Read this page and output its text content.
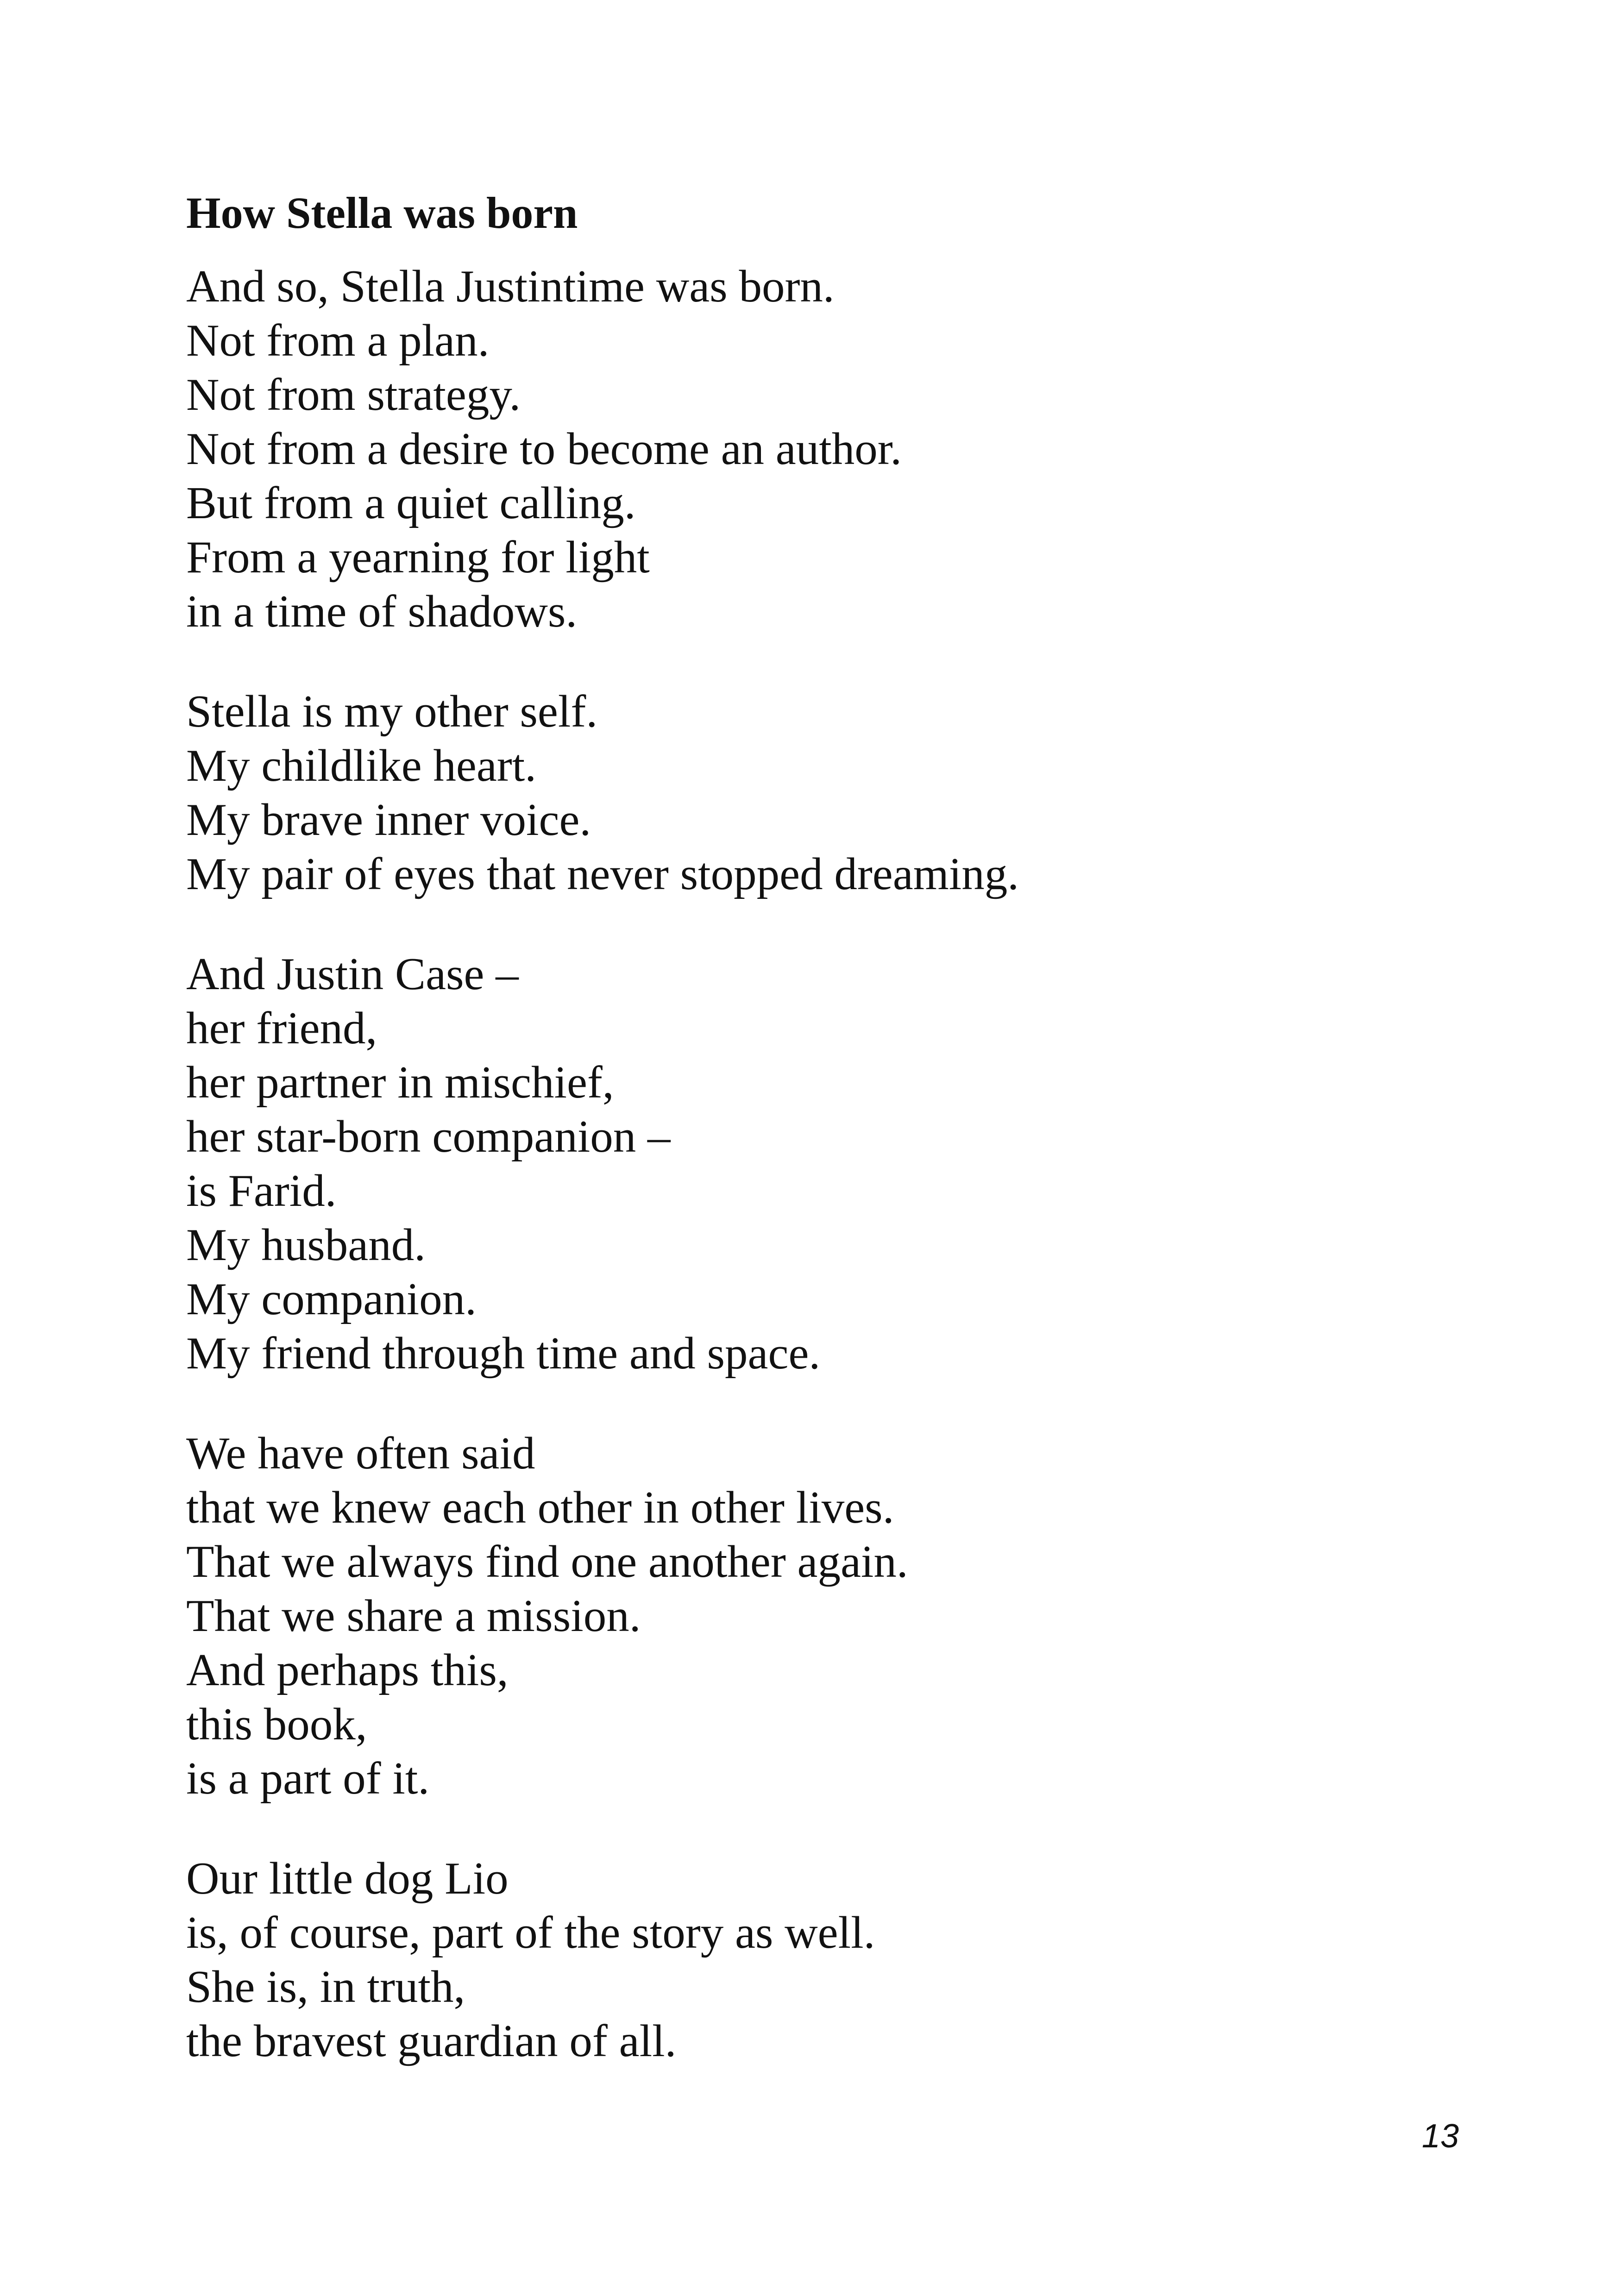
How Stella was born
And so, Stella Justintime was born.
Not from a plan.
Not from strategy.
Not from a desire to become an author.
But from a quiet calling.
From a yearning for light
in a time of shadows.
Stella is my other self.
My childlike heart.
My brave inner voice.
My pair of eyes that never stopped dreaming.
And Justin Case –
her friend,
her partner in mischief,
her star-born companion –
is Farid.
My husband.
My companion.
My friend through time and space.
We have often said
that we knew each other in other lives.
That we always find one another again.
That we share a mission.
And perhaps this,
this book,
is a part of it.
Our little dog Lio
is, of course, part of the story as well.
She is, in truth,
the bravest guardian of all.
13
